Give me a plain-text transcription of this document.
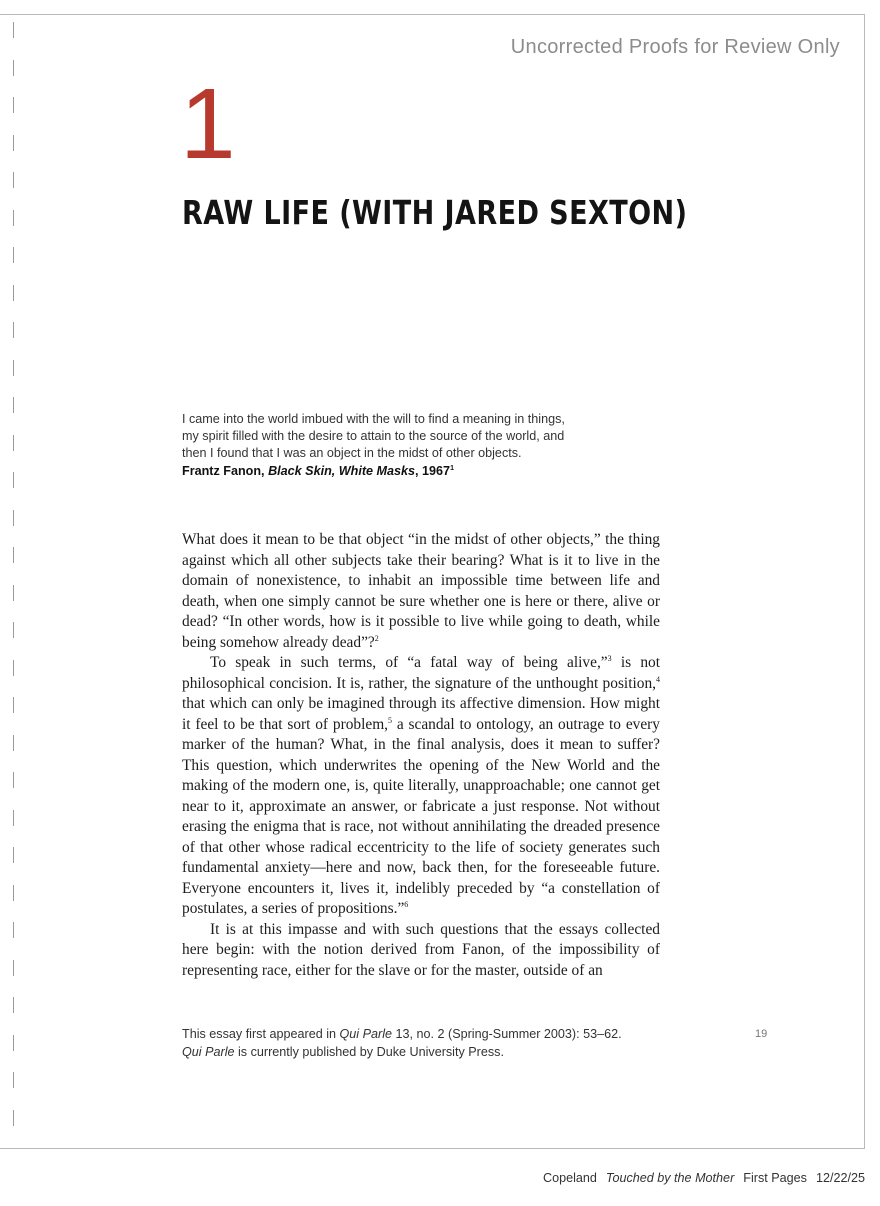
Uncorrected Proofs for Review Only
1
RAW LIFE (WITH JARED SEXTON)
I came into the world imbued with the will to find a meaning in things, my spirit filled with the desire to attain to the source of the world, and then I found that I was an object in the midst of other objects.
Frantz Fanon, Black Skin, White Masks, 1967$^1$

What does it mean to be that object “in the midst of other objects,” the thing against which all other subjects take their bearing? What is it to live in the domain of nonexistence, to inhabit an impossible time between life and death, when one simply cannot be sure whether one is here or there, alive or dead? “In other words, how is it possible to live while going to death, while being somehow already dead”?$^2$

To speak in such terms, of “a fatal way of being alive,”$^3$ is not philosophical concision. It is, rather, the signature of the unthought position,$^4$ that which can only be imagined through its affective dimension. How might it feel to be that sort of problem,$^5$ a scandal to ontology, an outrage to every marker of the human? What, in the final analysis, does it mean to suffer? This question, which underwrites the opening of the New World and the making of the modern one, is, quite literally, unapproachable; one cannot get near to it, approximate an answer, or fabricate a just response. Not without erasing the enigma that is race, not without annihilating the dreaded presence of that other whose radical eccentricity to the life of society generates such fundamental anxiety—here and now, back then, for the foreseeable future. Everyone encounters it, lives it, indelibly preceded by “a constellation of postulates, a series of propositions.”$^6$

It is at this impasse and with such questions that the essays collected here begin: with the notion derived from Fanon, of the impossibility of representing race, either for the slave or for the master, outside of an

This essay first appeared in Qui Parle 13, no. 2 (Spring-Summer 2003): 53–62.
Qui Parle is currently published by Duke University Press.
19
Copeland Touched by the Mother First Pages 12/22/25
